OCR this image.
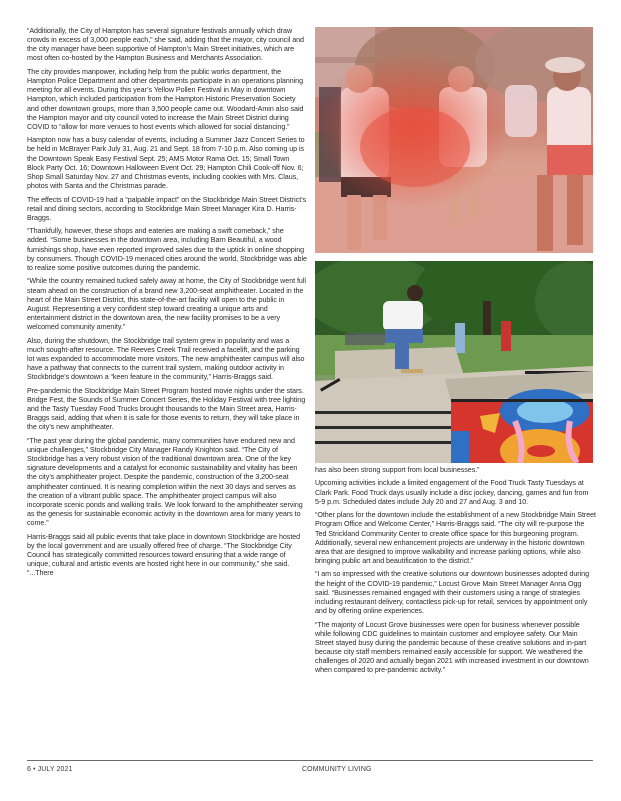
“Additionally, the City of Hampton has several signature festivals annually which draw crowds in excess of 3,000 people each,” she said, adding that the mayor, city council and the city manager have been supportive of Hampton’s Main Street initiatives, which are most often co-hosted by the Hampton Business and Merchants Association.

The city provides manpower, including help from the public works department, the Hampton Police Department and other departments participate in an operations planning meeting for all events. During this year’s Yellow Pollen Festival in May in downtown Hampton, which included participation from the Hampton Historic Preservation Society and other downtown groups, more than 3,500 people came out. Woodard-Amin also said the Hampton mayor and city council voted to increase the Main Street District during COVID to “allow for more venues to host events which allowed for social distancing.”

Hampton now has a busy calendar of events, including a Summer Jazz Concert Series to be held in McBrayer Park July 31, Aug. 21 and Sept. 18 from 7-10 p.m. Also coming up is the Downtown Speak Easy Festival Sept. 25; AMS Motor Rama Oct. 15; Small Town Block Party Oct. 16; Downtown Halloween Event Oct. 29; Hampton Chili Cook-off Nov. 6; Shop Small Saturday Nov. 27 and Christmas events, including cookies with Mrs. Claus, photos with Santa and the Christmas parade.

The effects of COVID-19 had a “palpable impact” on the Stockbridge Main Street District’s retail and dining sectors, according to Stockbridge Main Street Manager Kira D. Harris-Braggs.

“Thankfully, however, these shops and eateries are making a swift comeback,” she added. “Some businesses in the downtown area, including Barn Beautiful, a wood furnishings shop, have even reported improved sales due to the uptick in online shopping by consumers. Though COVID-19 menaced cities around the world, Stockbridge was able to realize some positive outcomes during the pandemic.

“While the country remained tucked safely away at home, the City of Stockbridge went full steam ahead on the construction of a brand new 3,200-seat amphitheater. Located in the heart of the Main Street District, this state-of-the-art facility will open to the public in August. Representing a very confident step toward creating a unique arts and entertainment district in the downtown area, the new facility promises to be a very welcomed community amenity.”

Also, during the shutdown, the Stockbridge trail system grew in popularity and was a much sought-after resource. The Reeves Creek Trail received a facelift, and the parking lot was expanded to accommodate more visitors. The new amphitheater campus will also have a pathway that connects to the current trail system, making outdoor activity in Stockbridge’s downtown a “keen feature in the community,” Harris-Braggs said.

Pre-pandemic the Stockbridge Main Street Program hosted movie nights under the stars. Bridge Fest, the Sounds of Summer Concert Series, the Holiday Festival with tree lighting and the Tasty Tuesday Food Trucks brought thousands to the Main Street area, Harris-Braggs said, adding that when it is safe for those events to return, they will take place in the city’s new amphitheater.

“The past year during the global pandemic, many communities have endured new and unique challenges,” Stockbridge City Manager Randy Knighton said. “The City of Stockbridge has a very robust vision of the traditional downtown area. One of the key signature developments and a catalyst for economic sustainability and vitality has been the city’s amphitheater project. Despite the pandemic, construction of the 3,200-seat amphitheater continued. It is nearing completion within the next 30 days and serves as the creation of a vibrant public space. The amphitheater project campus will also incorporate scenic ponds and walking trails. We look forward to the amphitheater serving as the genesis for sustainable economic activity in the downtown area for many years to come.”

Harris-Braggs said all public events that take place in downtown Stockbridge are hosted by the local government and are usually offered free of charge. “The Stockbridge City Council has strategically committed resources toward ensuring that a wide range of unique, cultural and artistic events are hosted right here in our community,” she said. “...There

has also been strong support from local businesses.”

Upcoming activities include a limited engagement of the Food Truck Tasty Tuesdays at Clark Park. Food Truck days usually include a disc jockey, dancing, games and fun from 5-9 p.m. Scheduled dates include July 20 and 27 and Aug. 3 and 10.

“Other plans for the downtown include the establishment of a new Stockbridge Main Street Program Office and Welcome Center,” Harris-Braggs said. “The city will re-purpose the Ted Strickland Community Center to create office space for this burgeoning program. Additionally, several new enhancement projects are underway in the historic downtown area that are designed to improve walkability and increase parking options, while also bringing public art and beautification to the district.”

“I am so impressed with the creative solutions our downtown businesses adopted during the height of the COVID-19 pandemic,” Locust Grove Main Street Manager Anna Ogg said. “Businesses remained engaged with their customers using a range of strategies including restaurant delivery, contactless pick-up for retail, services by appointment only and by offering online experiences.

“The majority of Locust Grove businesses were open for business whenever possible while following CDC guidelines to maintain customer and employee safety. Our Main Street stayed busy during the pandemic because of these creative solutions and in-part because city staff members remained easily accessible for support. We weathered the challenges of 2020 and actually began 2021 with increased investment in our downtown when compared to pre-pandemic activity.”

6 • JULY 2021	COMMUNITY LIVING
